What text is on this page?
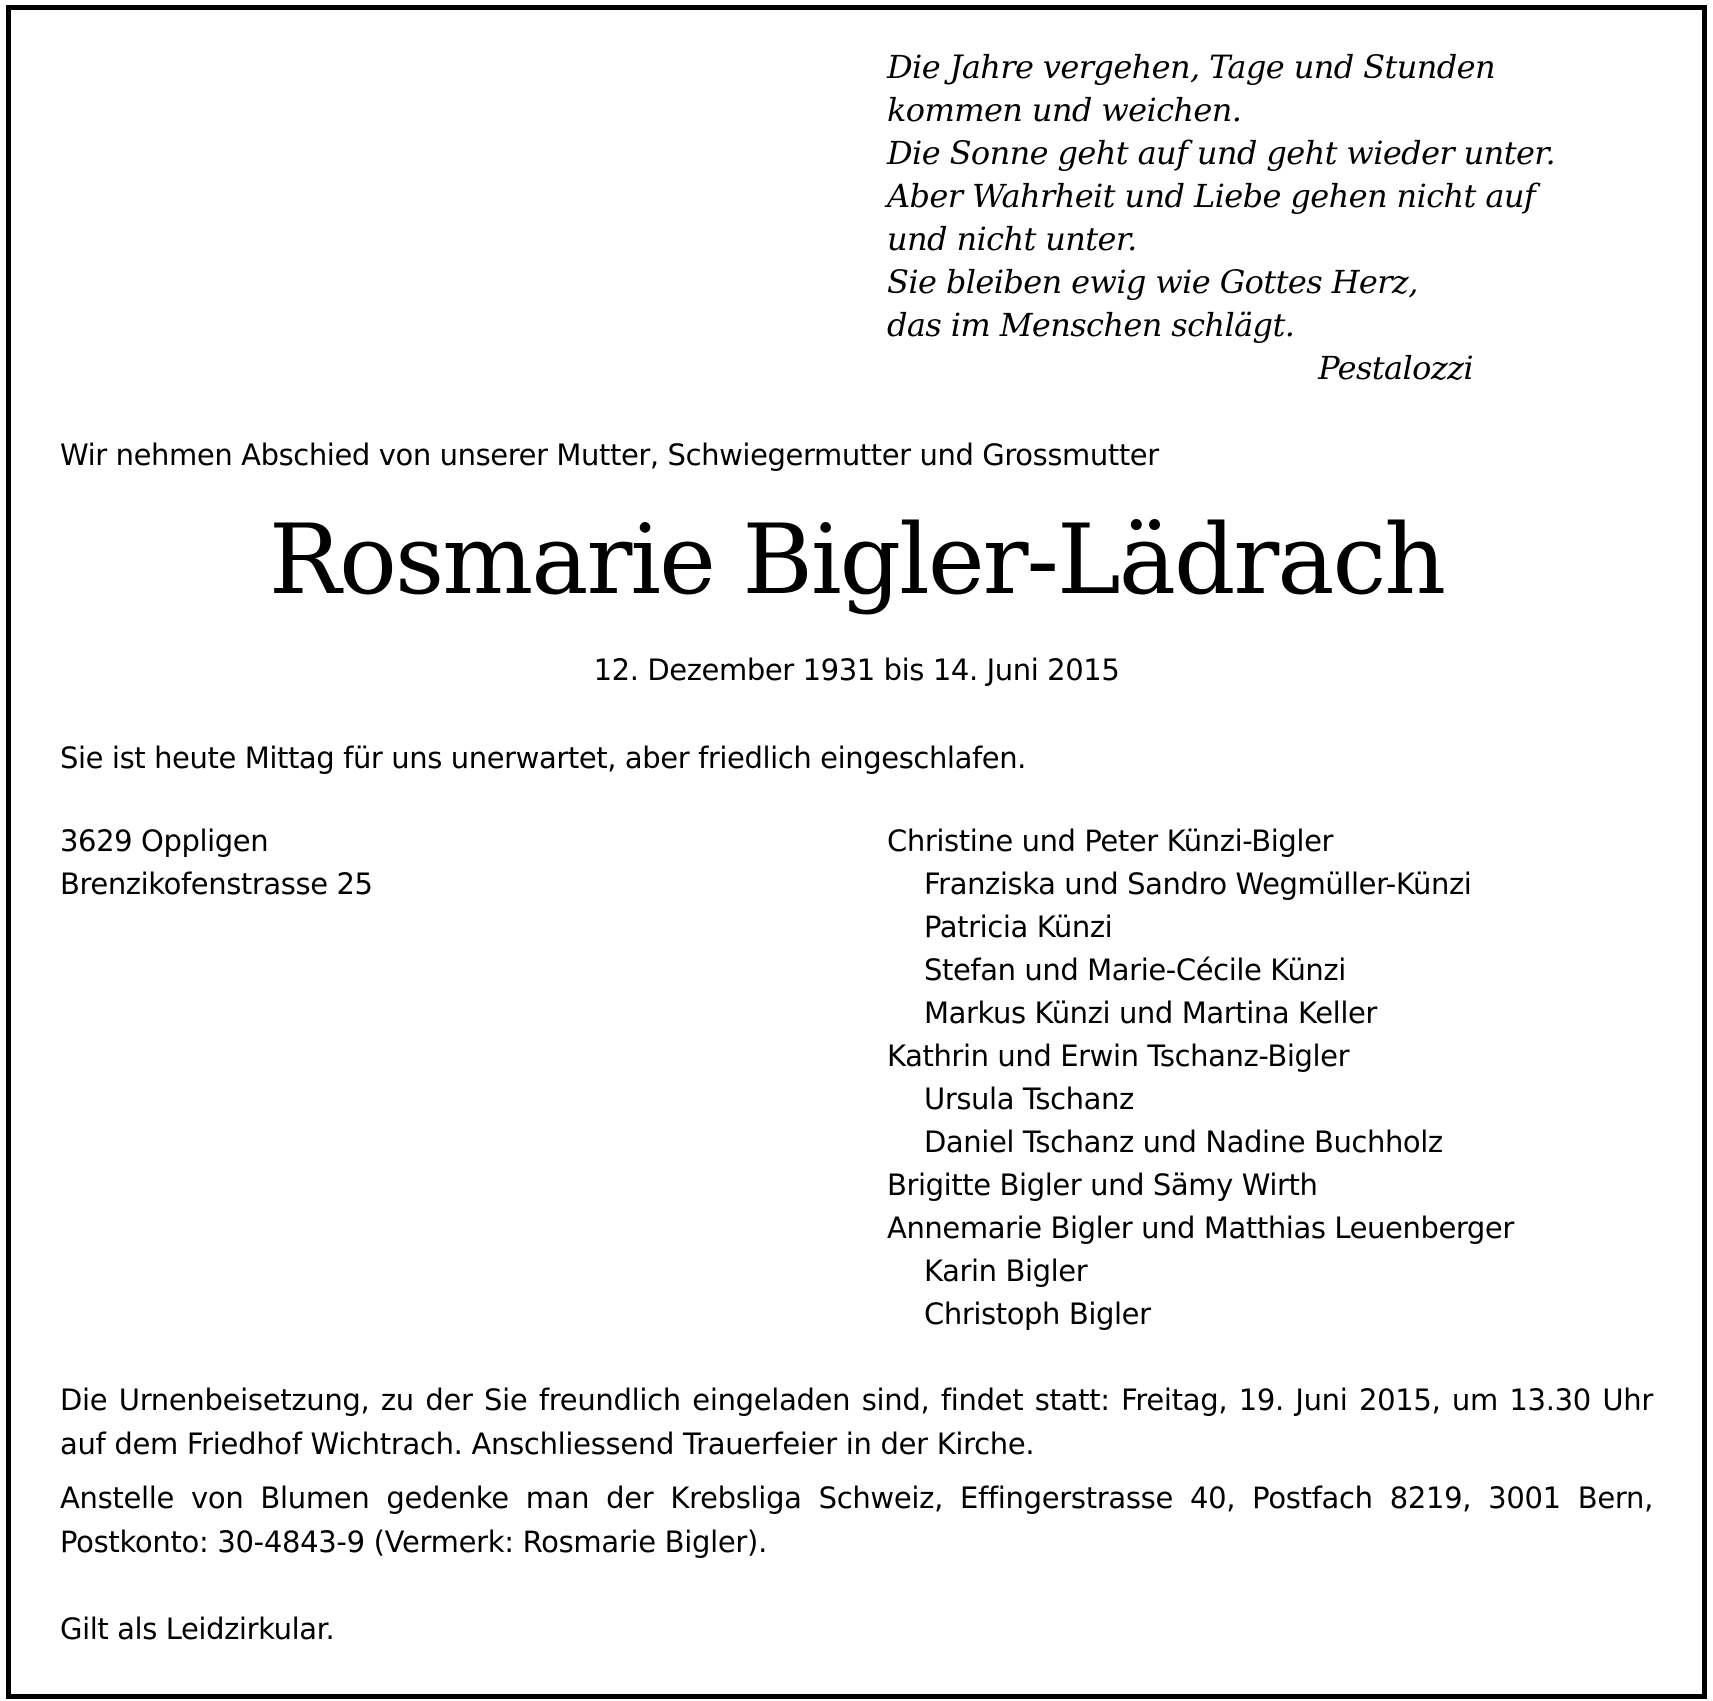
Die Jahre vergehen, Tage und Stunden
kommen und weichen.
Die Sonne geht auf und geht wieder unter.
Aber Wahrheit und Liebe gehen nicht auf
und nicht unter.
Sie bleiben ewig wie Gottes Herz,
das im Menschen schlägt.
Pestalozzi
Wir nehmen Abschied von unserer Mutter, Schwiegermutter und Grossmutter
Rosmarie Bigler-Lädrach
12. Dezember 1931 bis 14. Juni 2015
Sie ist heute Mittag für uns unerwartet, aber friedlich eingeschlafen.
3629 Oppligen
Brenzikofenstrasse 25
Christine und Peter Künzi-Bigler
Franziska und Sandro Wegmüller-Künzi
Patricia Künzi
Stefan und Marie-Cécile Künzi
Markus Künzi und Martina Keller
Kathrin und Erwin Tschanz-Bigler
Ursula Tschanz
Daniel Tschanz und Nadine Buchholz
Brigitte Bigler und Sämy Wirth
Annemarie Bigler und Matthias Leuenberger
Karin Bigler
Christoph Bigler
Die Urnenbeisetzung, zu der Sie freundlich eingeladen sind, findet statt: Freitag, 19. Juni 2015, um 13.30 Uhr auf dem Friedhof Wichtrach. Anschliessend Trauerfeier in der Kirche.
Anstelle von Blumen gedenke man der Krebsliga Schweiz, Effingerstrasse 40, Postfach 8219, 3001 Bern, Postkonto: 30-4843-9 (Vermerk: Rosmarie Bigler).
Gilt als Leidzirkular.
